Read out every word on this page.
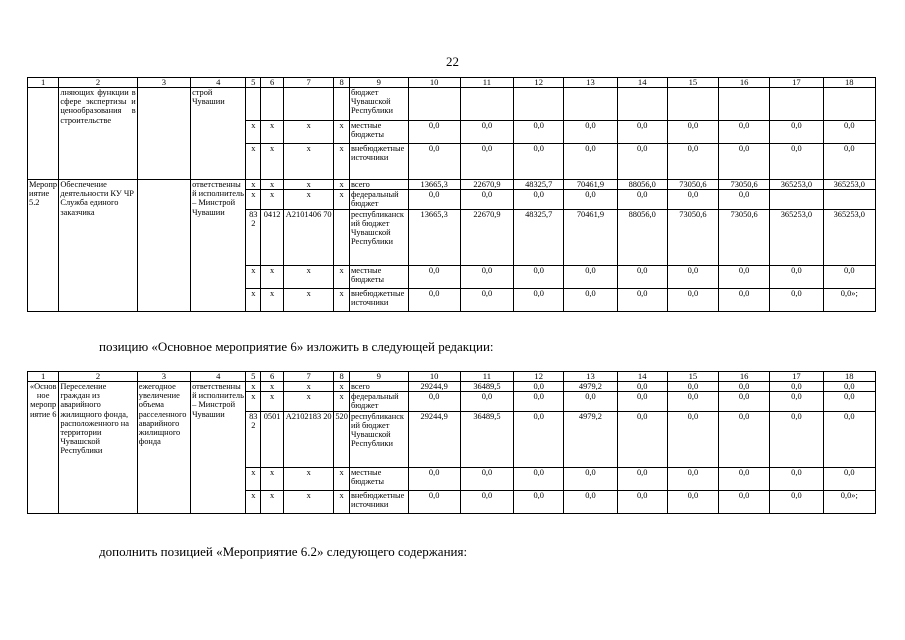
22
1	2	3	4	5	6	7	8	9	10	11	12	13	14	15	16	17	18
	лняющих функции в сфере экспертизы и ценообразования в строительстве		строй Чувашии					бюджет Чувашской Республики									
				х	х	х	х	местные бюджеты	0,0	0,0	0,0	0,0	0,0	0,0	0,0	0,0	0,0
				х	х	х	х	внебюджетные источники	0,0	0,0	0,0	0,0	0,0	0,0	0,0	0,0	0,0
Мероприятие 5.2	Обеспечение деятельности КУ ЧР Служба единого заказчика		ответственный исполнитель – Минстрой Чувашии	х	х	х	х	всего	13665,3	22670,9	48325,7	70461,9	88056,0	73050,6	73050,6	365253,0	365253,0
				х	х	х	х	федеральный бюджет	0,0	0,0	0,0	0,0	0,0	0,0	0,0		
				832	0412	А2101406 70		республиканский бюджет Чувашской Республики	13665,3	22670,9	48325,7	70461,9	88056,0	73050,6	73050,6	365253,0	365253,0
				х	х	х	х	местные бюджеты	0,0	0,0	0,0	0,0	0,0	0,0	0,0	0,0	0,0
				х	х	х	х	внебюджетные источники	0,0	0,0	0,0	0,0	0,0	0,0	0,0	0,0	0,0»;
позицию «Основное мероприятие 6» изложить в следующей редакции:
1	2	3	4	5	6	7	8	9	10	11	12	13	14	15	16	17	18
«Основное мероприятие 6	Переселение граждан из аварийного жилищного фонда, расположенного на территории Чувашской Республики	ежегодное увеличение объема расселенного аварийного жилищного фонда	ответственный исполнитель – Минстрой Чувашии	х	х	х	х	всего	29244,9	36489,5	0,0	4979,2	0,0	0,0	0,0	0,0	0,0
				х	х	х	х	федеральный бюджет	0,0	0,0	0,0	0,0	0,0	0,0	0,0	0,0	0,0
				832	0501	А2102183 20	520	республиканский бюджет Чувашской Республики	29244,9	36489,5	0,0	4979,2	0,0	0,0	0,0	0,0	0,0
				х	х	х	х	местные бюджеты	0,0	0,0	0,0	0,0	0,0	0,0	0,0	0,0	0,0
				х	х	х	х	внебюджетные источники	0,0	0,0	0,0	0,0	0,0	0,0	0,0	0,0	0,0»;
дополнить позицией «Мероприятие 6.2» следующего содержания:
